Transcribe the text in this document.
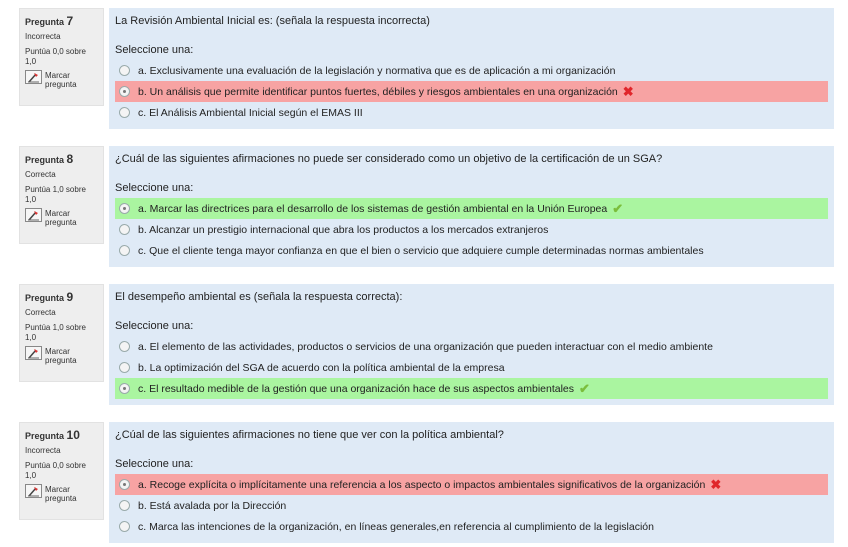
Pregunta 7
Incorrecta
Puntúa 0,0 sobre 1,0
Marcar pregunta
La Revisión Ambiental Inicial es: (señala la respuesta incorrecta)
Seleccione una:
a. Exclusivamente una evaluación de la legislación y normativa que es de aplicación a mi organización
b. Un análisis que permite identificar puntos fuertes, débiles y riesgos ambientales en una organización ✖
c. El Análisis Ambiental Inicial según el EMAS III
Pregunta 8
Correcta
Puntúa 1,0 sobre 1,0
Marcar pregunta
¿Cuál de las siguientes afirmaciones no puede ser considerado como un objetivo de la certificación de un SGA?
Seleccione una:
a. Marcar las directrices para el desarrollo de los sistemas de gestión ambiental en la Unión Europea ✔
b. Alcanzar un prestigio internacional que abra los productos a los mercados extranjeros
c. Que el cliente tenga mayor confianza en que el bien o servicio que adquiere cumple determinadas normas ambientales
Pregunta 9
Correcta
Puntúa 1,0 sobre 1,0
Marcar pregunta
El desempeño ambiental es (señala la respuesta correcta):
Seleccione una:
a. El elemento de las actividades, productos o servicios de una organización que pueden interactuar con el medio ambiente
b. La optimización del SGA de acuerdo con la política ambiental de la empresa
c. El resultado medible de la gestión que una organización hace de sus aspectos ambientales ✔
Pregunta 10
Incorrecta
Puntúa 0,0 sobre 1,0
Marcar pregunta
¿Cúal de las siguientes afirmaciones no tiene que ver con la política ambiental?
Seleccione una:
a. Recoge explícita o implícitamente una referencia a los aspecto o impactos ambientales significativos de la organización ✖
b. Está avalada por la Dirección
c. Marca las intenciones de la organización, en líneas generales,en referencia al cumplimiento de la legislación
